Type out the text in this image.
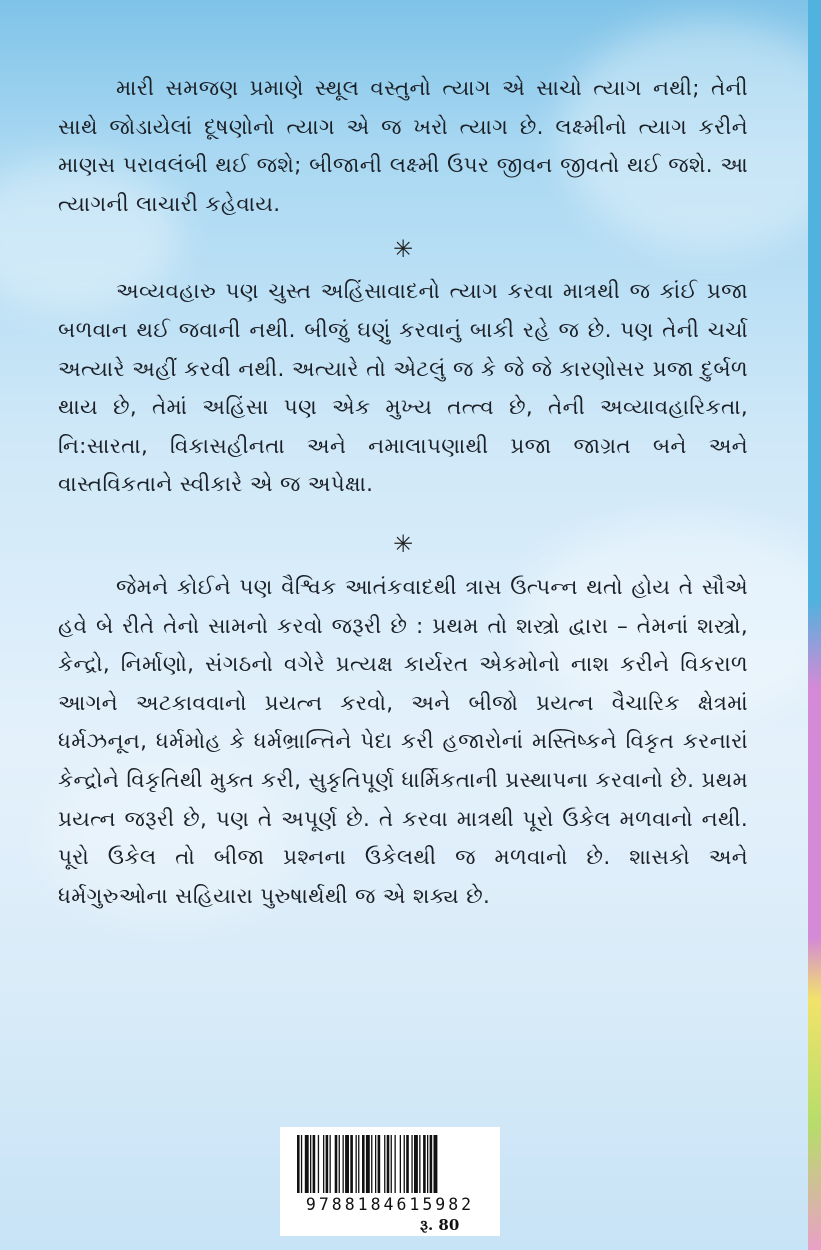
મારી સમજણ પ્રમાણે સ્થૂલ વસ્તુનો ત્યાગ એ સાચો ત્યાગ નથી; તેની સાથે જોડાયેલાં દૂષણોનો ત્યાગ એ જ ખરો ત્યાગ છે. લક્ષ્મીનો ત્યાગ કરીને માણસ પરાવલંબી થઈ જશે; બીજાની લક્ષ્મી ઉપર જીવન જીવતો થઈ જશે. આ ત્યાગની લાચારી કહેવાય.

✳

અવ્યવહારુ પણ ચુસ્ત અહિંસાવાદનો ત્યાગ કરવા માત્રથી જ કાંઈ પ્રજા બળવાન થઈ જવાની નથી. બીજું ઘણું કરવાનું બાકી રહે જ છે. પણ તેની ચર્ચા અત્યારે અહીં કરવી નથી. અત્યારે તો એટલું જ કે જે જે કારણોસર પ્રજા દુર્બળ થાય છે, તેમાં અહિંસા પણ એક મુખ્ય તત્ત્વ છે, તેની અવ્યાવહારિકતા, નિ:સારતા, વિકાસહીનતા અને નમાલાપણાથી પ્રજા જાગ્રત બને અને વાસ્તવિકતાને સ્વીકારે એ જ અપેક્ષા.

✳

જેમને કોઈને પણ વૈશ્વિક આતંકવાદથી ત્રાસ ઉત્પન્ન થતો હોય તે સૌએ હવે બે રીતે તેનો સામનો કરવો જરૂરી છે : પ્રથમ તો શસ્ત્રો દ્વારા – તેમનાં શસ્ત્રો, કેન્દ્રો, નિર્માણો, સંગઠનો વગેરે પ્રત્યક્ષ કાર્યરત એકમોનો નાશ કરીને વિકરાળ આગને અટકાવવાનો પ્રયત્ન કરવો, અને બીજો પ્રયત્ન વૈચારિક ક્ષેત્રમાં ધર્મઝનૂન, ધર્મમોહ કે ધર્મભ્રાન્તિને પેદા કરી હજારોનાં મસ્તિષ્કને વિકૃત કરનારાં કેન્દ્રોને વિકૃતિથી મુક્ત કરી, સુકૃતિપૂર્ણ ધાર્મિકતાની પ્રસ્થાપના કરવાનો છે. પ્રથમ પ્રયત્ન જરૂરી છે, પણ તે અપૂર્ણ છે. તે કરવા માત્રથી પૂરો ઉકેલ મળવાનો નથી. પૂરો ઉકેલ તો બીજા પ્રશ્નના ઉકેલથી જ મળવાનો છે. શાસકો અને ધર્મગુરુઓના સહિયારા પુરુષાર્થથી જ એ શક્ય છે.

9788184615982
રૂ. 80
